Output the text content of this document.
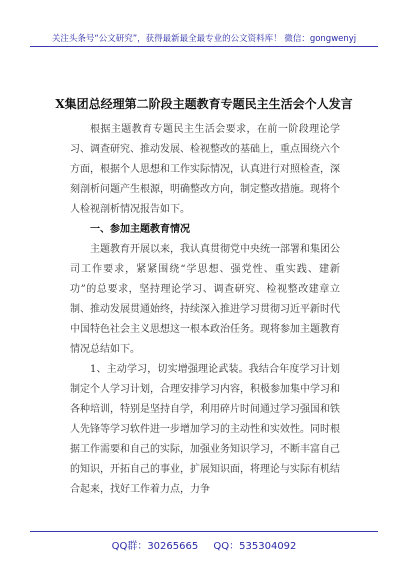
关注头条号“公文研究”，获得最新最全最专业的公文资料库！ 微信：gongwenyj
X集团总经理第二阶段主题教育专题民主生活会个人发言

根据主题教育专题民主生活会要求，在前一阶段理论学习、调查研究、推动发展、检视整改的基础上，重点围绕六个方面，根据个人思想和工作实际情况，认真进行对照检查，深刻剖析问题产生根源，明确整改方向，制定整改措施。现将个人检视剖析情况报告如下。

一、参加主题教育情况

主题教育开展以来，我认真贯彻党中央统一部署和集团公司工作要求，紧紧围绕“学思想、强党性、重实践、建新功”的总要求，坚持理论学习、调查研究、检视整改建章立制、推动发展贯通始终，持续深入推进学习贯彻习近平新时代中国特色社会主义思想这一根本政治任务。现将参加主题教育情况总结如下。

1、主动学习，切实增强理论武装。我结合年度学习计划制定个人学习计划，合理安排学习内容，积极参加集中学习和各种培训，特别是坚持自学，利用碎片时间通过学习强国和铁人先锋等学习软件进一步增加学习的主动性和实效性。同时根据工作需要和自己的实际，加强业务知识学习，不断丰富自己的知识，开拓自己的事业，扩展知识面，将理论与实际有机结合起来，找好工作着力点，力争

QQ群：30265665 QQ：535304092
